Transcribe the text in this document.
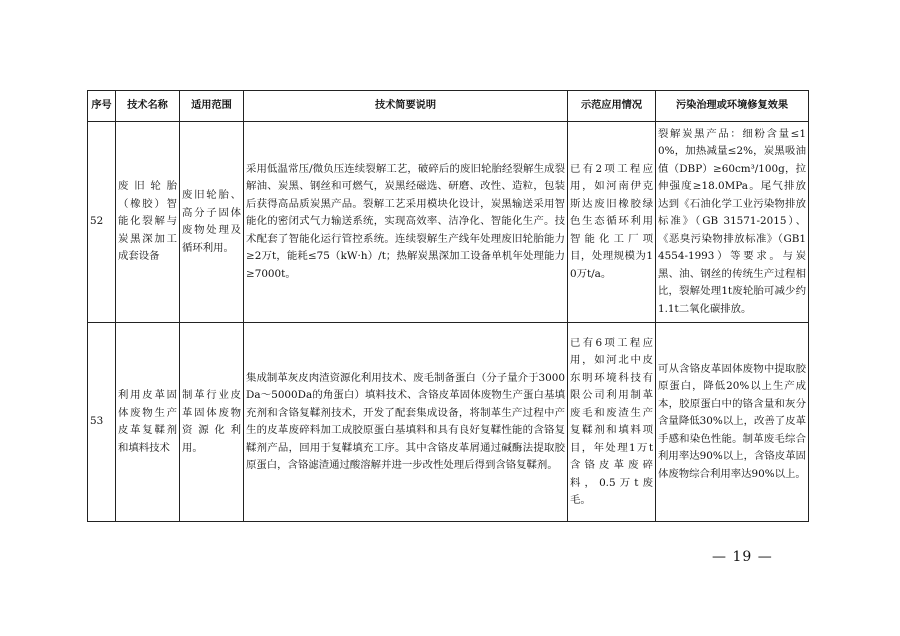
序号	技术名称	适用范围	技术简要说明	示范应用情况	污染治理或环境修复效果
52	废旧轮胎（橡胶）智能化裂解与炭黑深加工成套设备	废旧轮胎、高分子固体废物处理及循环利用。	采用低温常压/微负压连续裂解工艺，破碎后的废旧轮胎经裂解生成裂解油、炭黑、钢丝和可燃气，炭黑经磁选、研磨、改性、造粒，包装后获得高品质炭黑产品。裂解工艺采用模块化设计，炭黑输送采用智能化的密闭式气力输送系统，实现高效率、洁净化、智能化生产。技术配套了智能化运行管控系统。连续裂解生产线年处理废旧轮胎能力≥2万t，能耗≤75（kW·h）/t；热解炭黑深加工设备单机年处理能力≥7000t。	已有2项工程应用，如河南伊克斯达废旧橡胶绿色生态循环利用智能化工厂项目，处理规模为10万t/a。	裂解炭黑产品：细粉含量≤10%，加热减量≤2%，炭黑吸油值（DBP）≥60cm³/100g，拉伸强度≥18.0MPa。尾气排放达到《石油化学工业污染物排放标准》（GB 31571-2015）、《恶臭污染物排放标准》（GB14554-1993）等要求。与炭黑、油、钢丝的传统生产过程相比，裂解处理1t废轮胎可减少约1.1t二氧化碳排放。
53	利用皮革固体废物生产皮革复鞣剂和填料技术	制革行业皮革固体废物资源化利用。	集成制革灰皮肉渣资源化利用技术、废毛制备蛋白（分子量介于3000Da～5000Da的角蛋白）填料技术、含铬皮革固体废物生产蛋白基填充剂和含铬复鞣剂技术，开发了配套集成设备，将制革生产过程中产生的皮革废碎料加工成胶原蛋白基填料和具有良好复鞣性能的含铬复鞣剂产品，回用于复鞣填充工序。其中含铬皮革屑通过碱酶法提取胶原蛋白，含铬滤渣通过酸溶解并进一步改性处理后得到含铬复鞣剂。	已有6项工程应用，如河北中皮东明环境科技有限公司利用制革废毛和废渣生产复鞣剂和填料项目，年处理1万t含铬皮革废碎料，0.5万t废毛。	可从含铬皮革固体废物中提取胶原蛋白，降低20%以上生产成本，胶原蛋白中的铬含量和灰分含量降低30%以上，改善了皮革手感和染色性能。制革废毛综合利用率达90%以上，含铬皮革固体废物综合利用率达90%以上。
— 19 —
